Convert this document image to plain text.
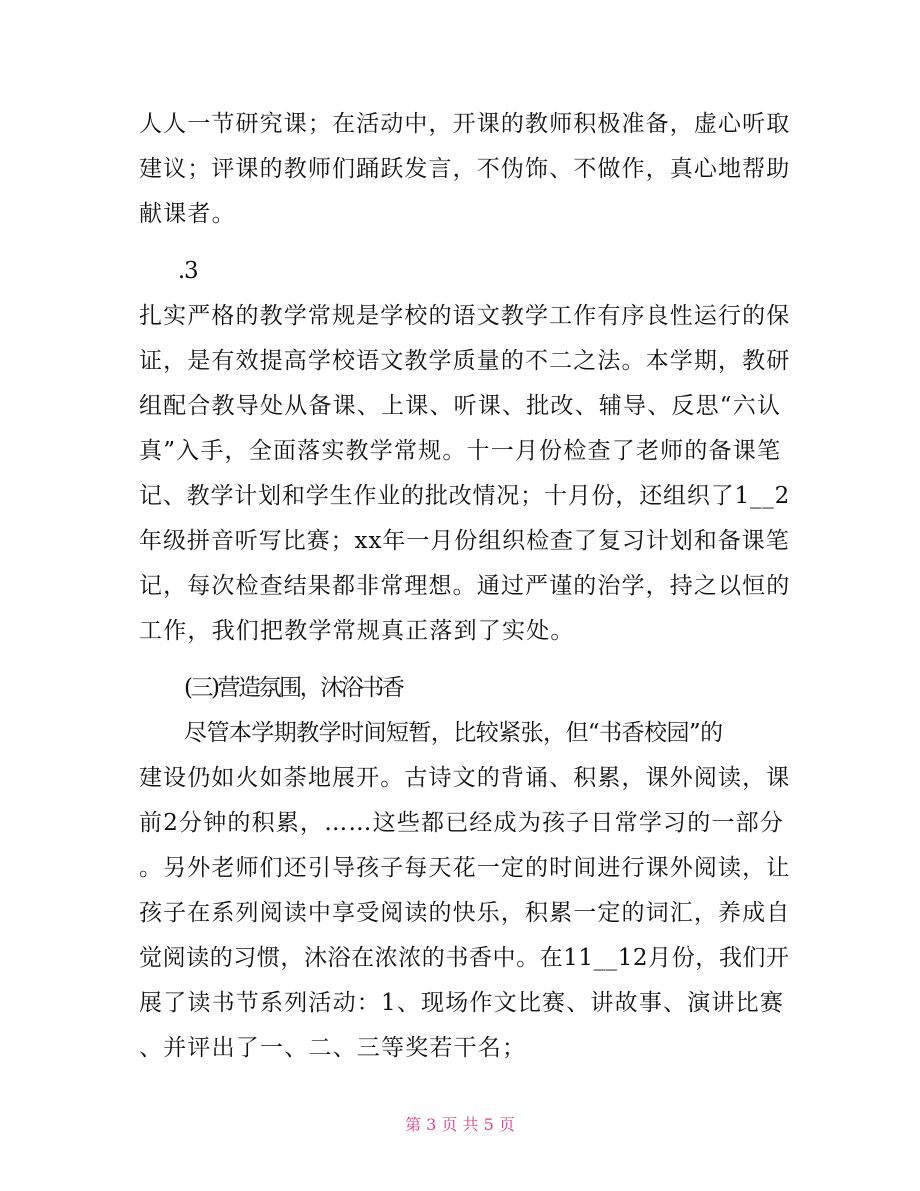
人人一节研究课；在活动中，开课的教师积极准备，虚心听取
建议；评课的教师们踊跃发言，不伪饰、不做作，真心地帮助
献课者。
扎实严格的教学常规是学校的语文教学工作有序良性运行的保
证，是有效提高学校语文教学质量的不二之法。本学期，教研
组配合教导处从备课、上课、听课、批改、辅导、反思“六认
真”入手，全面落实教学常规。十一月份检查了老师的备课笔
记、教学计划和学生作业的批改情况；十月份，还组织了1__2
年级拼音听写比赛；xx年一月份组织检查了复习计划和备课笔
记，每次检查结果都非常理想。通过严谨的治学，持之以恒的
工作，我们把教学常规真正落到了实处。
(三)营造氛围，沐浴书香
尽管本学期教学时间短暂，比较紧张，但“书香校园”的
建设仍如火如荼地展开。古诗文的背诵、积累，课外阅读，课
前2分钟的积累，……这些都已经成为孩子日常学习的一部分
。另外老师们还引导孩子每天花一定的时间进行课外阅读，让
孩子在系列阅读中享受阅读的快乐，积累一定的词汇，养成自
觉阅读的习惯，沐浴在浓浓的书香中。在11__12月份，我们开
展了读书节系列活动：1、现场作文比赛、讲故事、演讲比赛
、并评出了一、二、三等奖若干名；
第 3 页 共 5 页
